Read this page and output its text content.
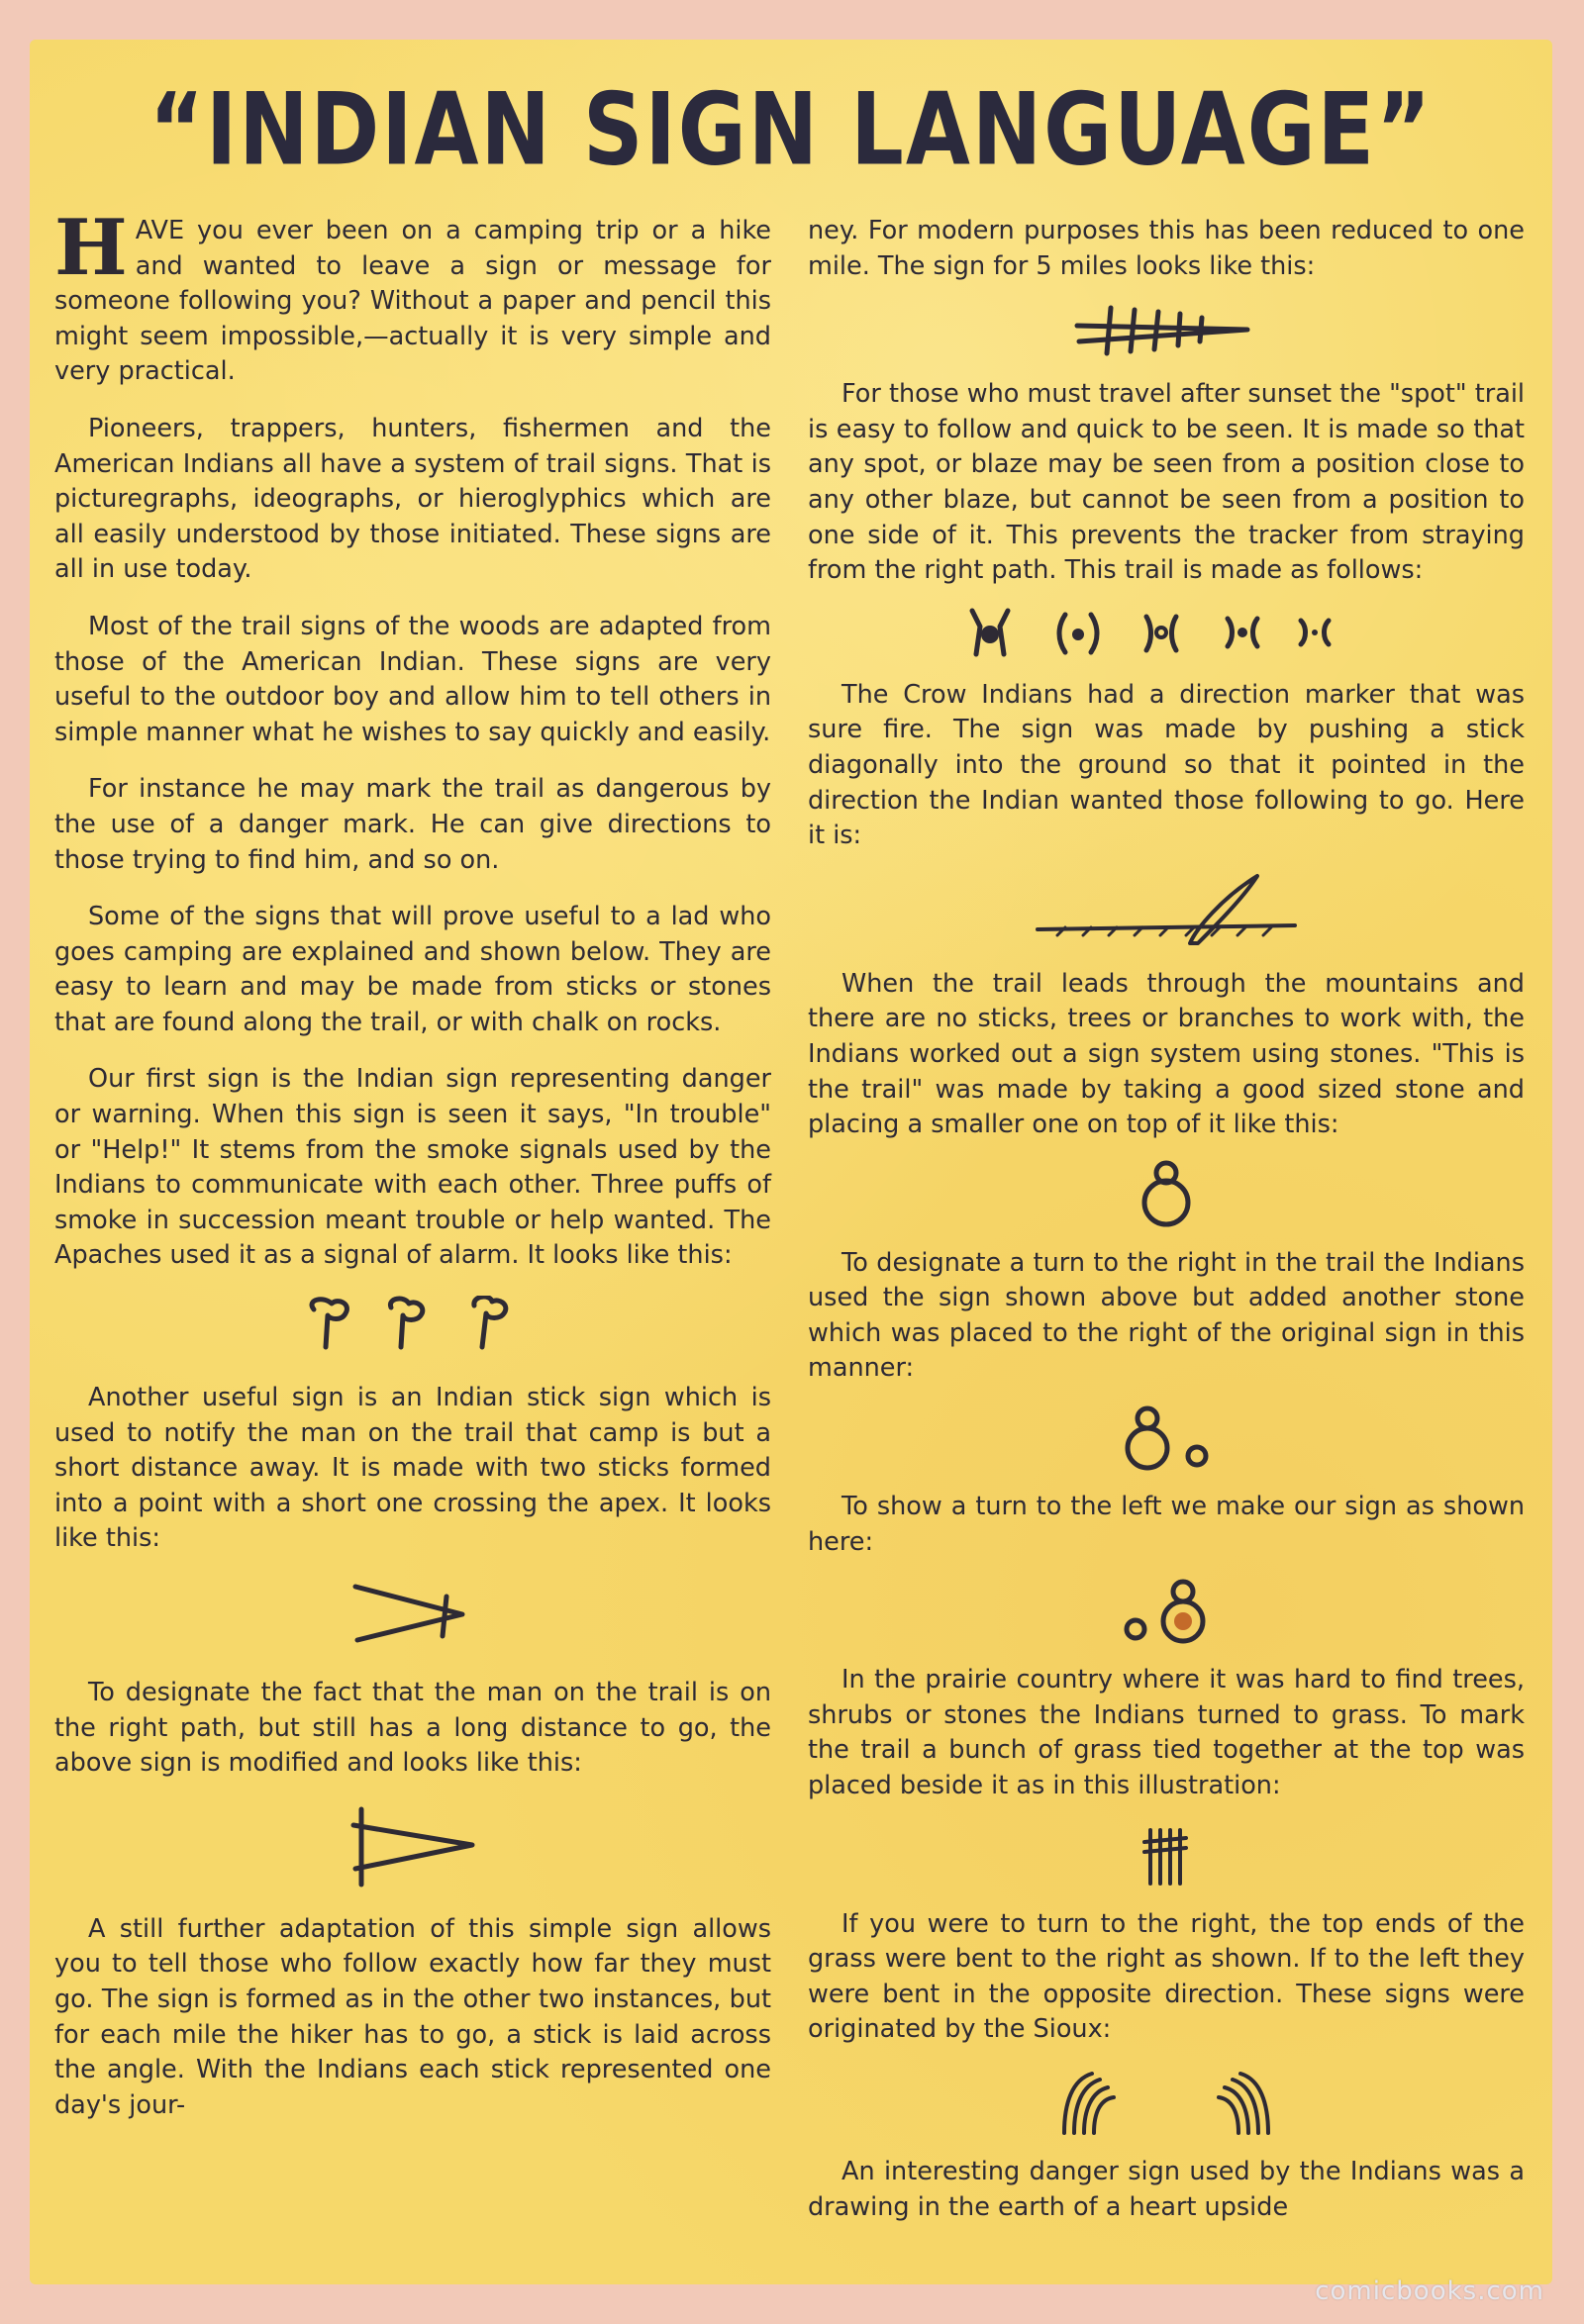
“INDIAN SIGN LANGUAGE”

HAVE you ever been on a camping trip or a hike and wanted to leave a sign or message for someone following you? Without a paper and pencil this might seem impossible,—actually it is very simple and very practical.

Pioneers, trappers, hunters, fishermen and the American Indians all have a system of trail signs. That is picturegraphs, ideographs, or hieroglyphics which are all easily understood by those initiated. These signs are all in use today.

Most of the trail signs of the woods are adapted from those of the American Indian. These signs are very useful to the outdoor boy and allow him to tell others in simple manner what he wishes to say quickly and easily.

For instance he may mark the trail as dangerous by the use of a danger mark. He can give directions to those trying to find him, and so on.

Some of the signs that will prove useful to a lad who goes camping are explained and shown below. They are easy to learn and may be made from sticks or stones that are found along the trail, or with chalk on rocks.

Our first sign is the Indian sign representing danger or warning. When this sign is seen it says, "In trouble" or "Help!" It stems from the smoke signals used by the Indians to communicate with each other. Three puffs of smoke in succession meant trouble or help wanted. The Apaches used it as a signal of alarm. It looks like this:

Another useful sign is an Indian stick sign which is used to notify the man on the trail that camp is but a short distance away. It is made with two sticks formed into a point with a short one crossing the apex. It looks like this:

To designate the fact that the man on the trail is on the right path, but still has a long distance to go, the above sign is modified and looks like this:

A still further adaptation of this simple sign allows you to tell those who follow exactly how far they must go. The sign is formed as in the other two instances, but for each mile the hiker has to go, a stick is laid across the angle. With the Indians each stick represented one day's jour-

ney. For modern purposes this has been reduced to one mile. The sign for 5 miles looks like this:

For those who must travel after sunset the "spot" trail is easy to follow and quick to be seen. It is made so that any spot, or blaze may be seen from a position close to any other blaze, but cannot be seen from a position to one side of it. This prevents the tracker from straying from the right path. This trail is made as follows:

The Crow Indians had a direction marker that was sure fire. The sign was made by pushing a stick diagonally into the ground so that it pointed in the direction the Indian wanted those following to go. Here it is:

When the trail leads through the mountains and there are no sticks, trees or branches to work with, the Indians worked out a sign system using stones. "This is the trail" was made by taking a good sized stone and placing a smaller one on top of it like this:

To designate a turn to the right in the trail the Indians used the sign shown above but added another stone which was placed to the right of the original sign in this manner:

To show a turn to the left we make our sign as shown here:

In the prairie country where it was hard to find trees, shrubs or stones the Indians turned to grass. To mark the trail a bunch of grass tied together at the top was placed beside it as in this illustration:

If you were to turn to the right, the top ends of the grass were bent to the right as shown. If to the left they were bent in the opposite direction. These signs were originated by the Sioux:

An interesting danger sign used by the Indians was a drawing in the earth of a heart upside

comicbooks.com
